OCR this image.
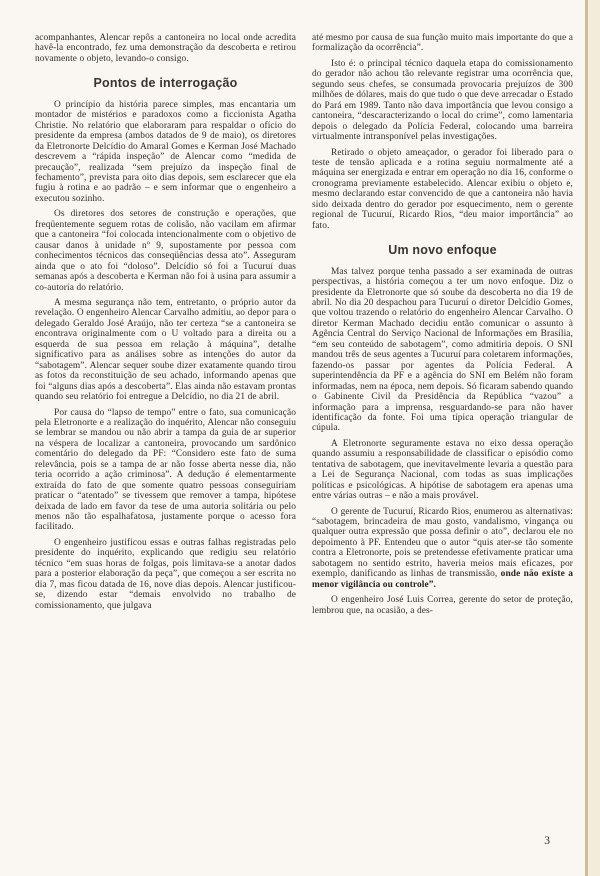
acompanhantes, Alencar repôs a cantoneira no local onde acredita havê-la encontrado, fez uma demonstração da descoberta e retirou novamente o objeto, levando-o consigo.

Pontos de interrogação

O princípio da história parece simples, mas encantaria um montador de mistérios e paradoxos como a ficcionista Agatha Christie. No relatório que elaboraram para respaldar o ofício do presidente da empresa (ambos datados de 9 de maio), os diretores da Eletronorte Delcídio do Amaral Gomes e Kerman José Machado descrevem a “rápida inspeção” de Alencar como “medida de precaução”, realizada “sem prejuízo da inspeção final de fechamento”, prevista para oito dias depois, sem esclarecer que ela fugiu à rotina e ao padrão – e sem informar que o engenheiro a executou sozinho.

Os diretores dos setores de construção e operações, que freqüentemente seguem rotas de colisão, não vacilam em afirmar que a cantoneira “foi colocada intencionalmente com o objetivo de causar danos à unidade nº 9, supostamente por pessoa com conhecimentos técnicos das conseqüências dessa ato”. Asseguram ainda que o ato foi “doloso”. Delcídio só foi a Tucuruí duas semanas após a descoberta e Kerman não foi à usina para assumir a co-autoria do relatório.

A mesma segurança não tem, entretanto, o próprio autor da revelação. O engenheiro Alencar Carvalho admitiu, ao depor para o delegado Geraldo José Araújo, não ter certeza “se a cantoneira se encontrava originalmente com o U voltado para a direita ou a esquerda de sua pessoa em relação à máquina”, detalhe significativo para as análises sobre as intenções do autor da “sabotagem”. Alencar sequer soube dizer exatamente quando tirou as fotos da reconstituição de seu achado, informando apenas que foi “alguns dias após a descoberta”. Elas ainda não estavam prontas quando seu relatório foi entregue a Delcídio, no dia 21 de abril.

Por causa do “lapso de tempo” entre o fato, sua comunicação pela Eletronorte e a realização do inquérito, Alencar não conseguiu se lembrar se mandou ou não abrir a tampa da guia de ar superior na véspera de localizar a cantoneira, provocando um sardônico comentário do delegado da PF: “Considero este fato de suma relevância, pois se a tampa de ar não fosse aberta nesse dia, não teria ocorrido a ação criminosa”. A dedução é elementarmente extraída do fato de que somente quatro pessoas conseguiriam praticar o “atentado” se tivessem que remover a tampa, hipótese deixada de lado em favor da tese de uma autoria solitária ou pelo menos não tão espalhafatosa, justamente porque o acesso fora facilitado.

O engenheiro justificou essas e outras falhas registradas pelo presidente do inquérito, explicando que redigiu seu relatório técnico “em suas horas de folgas, pois limitava-se a anotar dados para a posterior elaboração da peça”, que começou a ser escrita no dia 7, mas ficou datada de 16, nove dias depois. Alencar justificou-se, dizendo estar “demais envolvido no trabalho de comissionamento, que julgava

até mesmo por causa de sua função muito mais importante do que a formalização da ocorrência”.

Isto é: o principal técnico daquela etapa do comissionamento do gerador não achou tão relevante registrar uma ocorrência que, segundo seus chefes, se consumada provocaria prejuízos de 300 milhões de dólares, mais do que tudo o que deve arrecadar o Estado do Pará em 1989. Tanto não dava importância que levou consigo a cantoneira, “descaracterizando o local do crime”, como lamentaria depois o delegado da Polícia Federal, colocando uma barreira virtualmente intransponível pelas investigações.

Retirado o objeto ameaçador, o gerador foi liberado para o teste de tensão aplicada e a rotina seguiu normalmente até a máquina ser energizada e entrar em operação no dia 16, conforme o cronograma previamente estabelecido. Alencar exibiu o objeto e, mesmo declarando estar convencido de que a cantoneira não havia sido deixada dentro do gerador por esquecimento, nem o gerente regional de Tucuruí, Ricardo Rios, “deu maior importância” ao fato.

Um novo enfoque

Mas talvez porque tenha passado a ser examinada de outras perspectivas, a história começou a ter um novo enfoque. Diz o presidente da Eletronorte que só soube da descoberta no dia 19 de abril. No dia 20 despachou para Tucuruí o diretor Delcídio Gomes, que voltou trazendo o relatório do engenheiro Alencar Carvalho. O diretor Kerman Machado decidiu então comunicar o assunto à Agência Central do Serviço Nacional de Informações em Brasília, “em seu conteúdo de sabotagem”, como admitiria depois. O SNI mandou três de seus agentes a Tucuruí para coletarem informações, fazendo-os passar por agentes da Polícia Federal. A superintendência da PF e a agência do SNI em Belém não foram informadas, nem na época, nem depois. Só ficaram sabendo quando o Gabinente Civil da Presidência da República “vazou” a informação para a imprensa, resguardando-se para não haver identificação da fonte. Foi uma típica operação triangular de cúpula.

A Eletronorte seguramente estava no eixo dessa operação quando assumiu a responsabilidade de classificar o episódio como tentativa de sabotagem, que inevitavelmente levaria a questão para a Lei de Segurança Nacional, com todas as suas implicações políticas e psicológicas. A hipótise de sabotagem era apenas uma entre várias outras – e não a mais provável.

O gerente de Tucuruí, Ricardo Rios, enumerou as alternativas: “sabotagem, brincadeira de mau gosto, vandalismo, vingança ou qualquer outra expressão que possa definir o ato”, declarou ele no depoimento à PF. Entendeu que o autor “quis ater-se tão somente contra a Eletronorte, pois se pretendesse efetivamente praticar uma sabotagem no sentido estrito, haveria meios mais eficazes, por exemplo, danificando as linhas de transmissão, onde não existe a menor vigilância ou controle”.

O engenheiro José Luis Correa, gerente do setor de proteção, lembrou que, na ocasião, a des-

3
